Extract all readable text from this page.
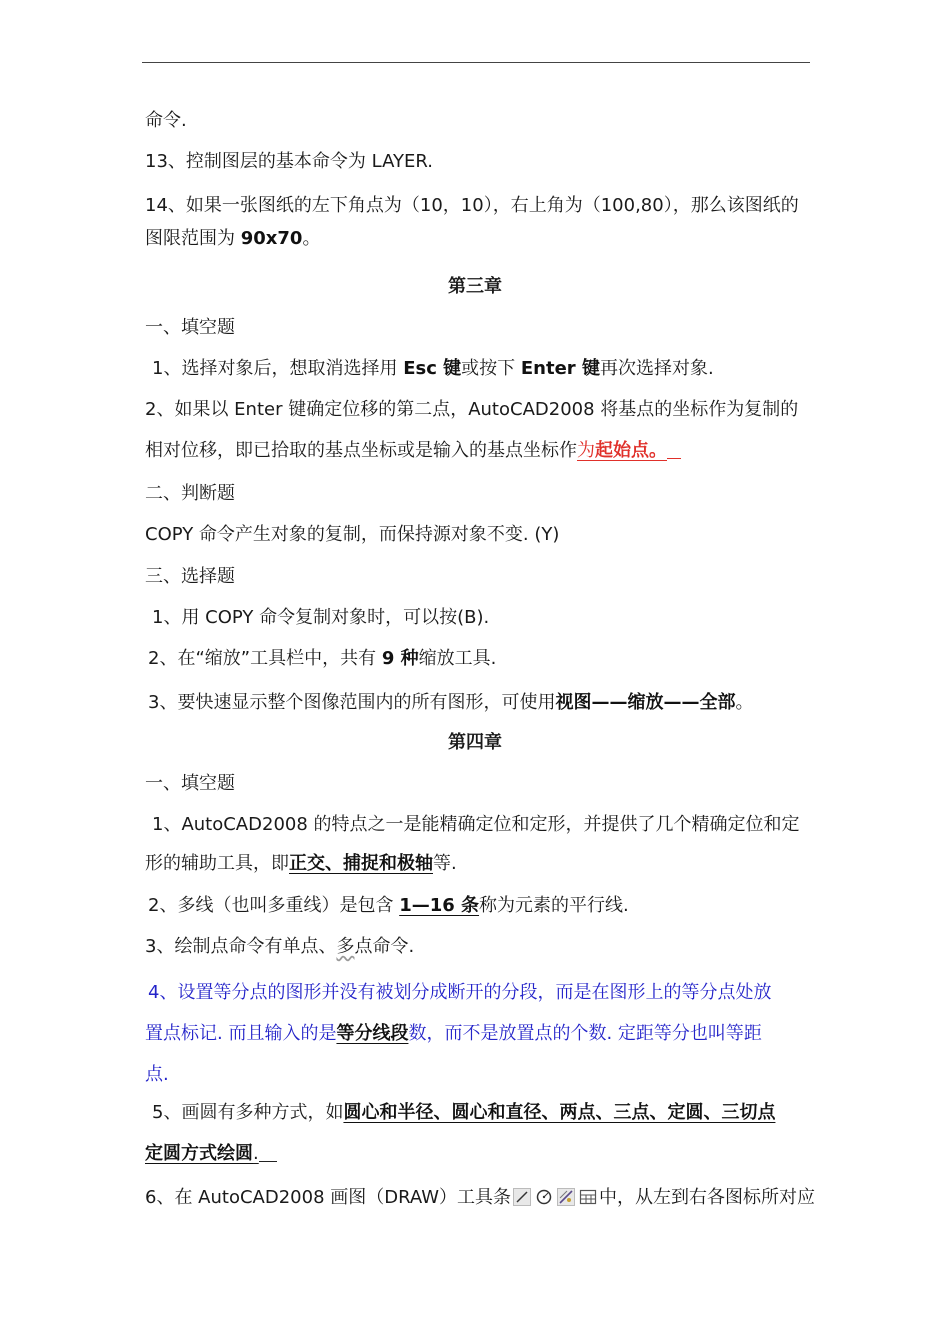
命令.
13、控制图层的基本命令为 LAYER.
14、如果一张图纸的左下角点为（10，10），右上角为（100,80），那么该图纸的
图限范围为 90x70。
第三章
一、填空题
1、选择对象后，想取消选择用 Esc 键或按下 Enter 键再次选择对象.
2、如果以 Enter 键确定位移的第二点，AutoCAD2008 将基点的坐标作为复制的
相对位移，即已拾取的基点坐标或是输入的基点坐标作为起始点。
二、判断题
COPY 命令产生对象的复制，而保持源对象不变. (Y)
三、选择题
1、用 COPY 命令复制对象时，可以按(B).
2、在“缩放”工具栏中，共有 9 种缩放工具.
3、要快速显示整个图像范围内的所有图形，可使用视图——缩放——全部。
第四章
一、填空题
1、AutoCAD2008 的特点之一是能精确定位和定形，并提供了几个精确定位和定
形的辅助工具，即正交、捕捉和极轴等.
2、多线（也叫多重线）是包含 1—16 条称为元素的平行线.
3、绘制点命令有单点、多点命令.
4、设置等分点的图形并没有被划分成断开的分段，而是在图形上的等分点处放
置点标记. 而且输入的是等分线段数，而不是放置点的个数. 定距等分也叫等距
点.
5、画圆有多种方式，如圆心和半径、圆心和直径、两点、三点、定圆、三切点
定圆方式绘圆.
6、在 AutoCAD2008 画图（DRAW）工具条	中，从左到右各图标所对应
